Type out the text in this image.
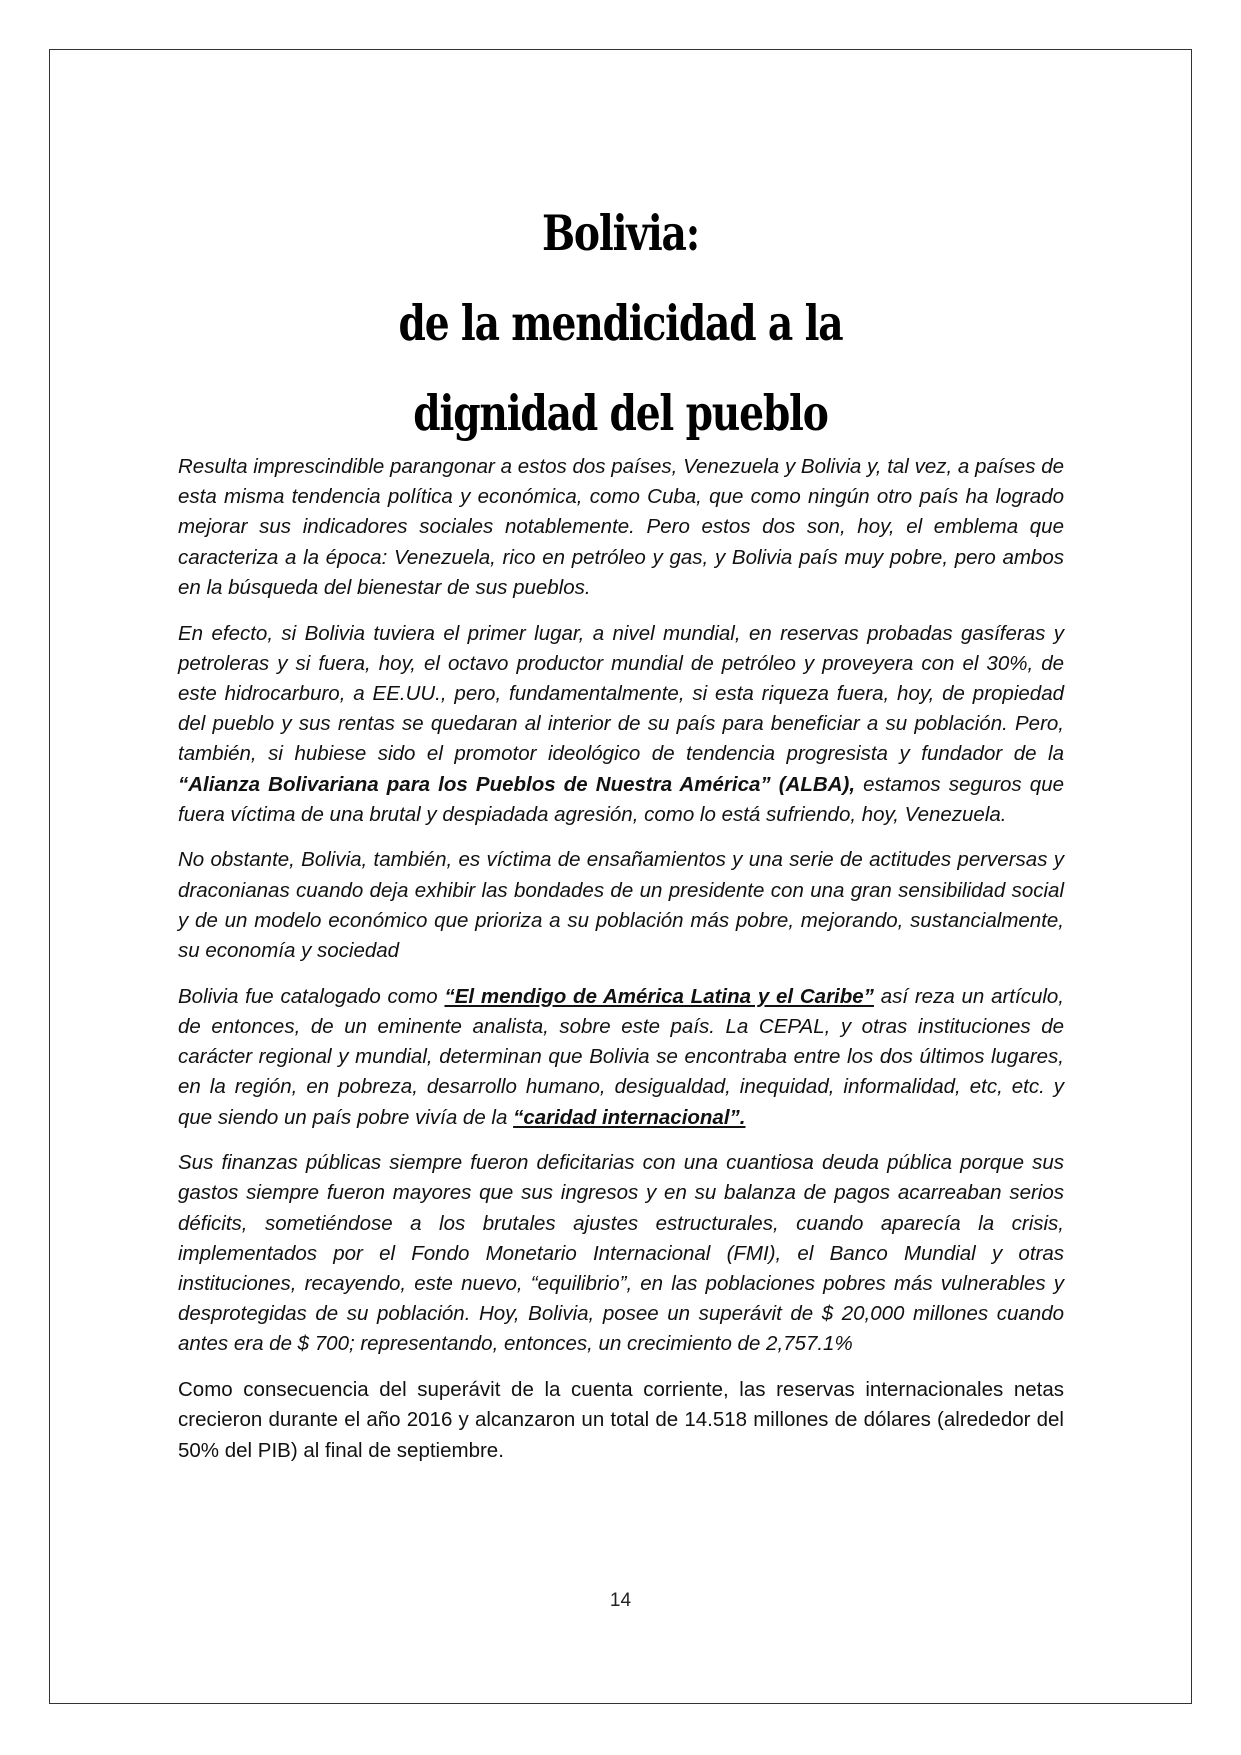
Bolivia:
de la mendicidad a la
dignidad del pueblo

Resulta imprescindible parangonar a estos dos países, Venezuela y Bolivia y, tal vez, a países de esta misma tendencia política y económica, como Cuba, que como ningún otro país ha logrado mejorar sus indicadores sociales notablemente. Pero estos dos son, hoy, el emblema que caracteriza a la época: Venezuela, rico en petróleo y gas, y Bolivia país muy pobre, pero ambos en la búsqueda del bienestar de sus pueblos.

En efecto, si Bolivia tuviera el primer lugar, a nivel mundial, en reservas probadas gasíferas y petroleras y si fuera, hoy, el octavo productor mundial de petróleo y proveyera con el 30%, de este hidrocarburo, a EE.UU., pero, fundamentalmente, si esta riqueza fuera, hoy, de propiedad del pueblo y sus rentas se quedaran al interior de su país para beneficiar a su población. Pero, también, si hubiese sido el promotor ideológico de tendencia progresista y fundador de la “Alianza Bolivariana para los Pueblos de Nuestra América” (ALBA), estamos seguros que fuera víctima de una brutal y despiadada agresión, como lo está sufriendo, hoy, Venezuela.

No obstante, Bolivia, también, es víctima de ensañamientos y una serie de actitudes perversas y draconianas cuando deja exhibir las bondades de un presidente con una gran sensibilidad social y de un modelo económico que prioriza a su población más pobre, mejorando, sustancialmente, su economía y sociedad

Bolivia fue catalogado como “El mendigo de América Latina y el Caribe” así reza un artículo, de entonces, de un eminente analista, sobre este país. La CEPAL, y otras instituciones de carácter regional y mundial, determinan que Bolivia se encontraba entre los dos últimos lugares, en la región, en pobreza, desarrollo humano, desigualdad, inequidad, informalidad, etc, etc. y que siendo un país pobre vivía de la “caridad internacional”.

Sus finanzas públicas siempre fueron deficitarias con una cuantiosa deuda pública porque sus gastos siempre fueron mayores que sus ingresos y en su balanza de pagos acarreaban serios déficits, sometiéndose a los brutales ajustes estructurales, cuando aparecía la crisis, implementados por el Fondo Monetario Internacional (FMI), el Banco Mundial y otras instituciones, recayendo, este nuevo, “equilibrio”, en las poblaciones pobres más vulnerables y desprotegidas de su población. Hoy, Bolivia, posee un superávit de $ 20,000 millones cuando antes era de $ 700; representando, entonces, un crecimiento de 2,757.1%

Como consecuencia del superávit de la cuenta corriente, las reservas internacionales netas crecieron durante el año 2016 y alcanzaron un total de 14.518 millones de dólares (alrededor del 50% del PIB) al final de septiembre.

14
